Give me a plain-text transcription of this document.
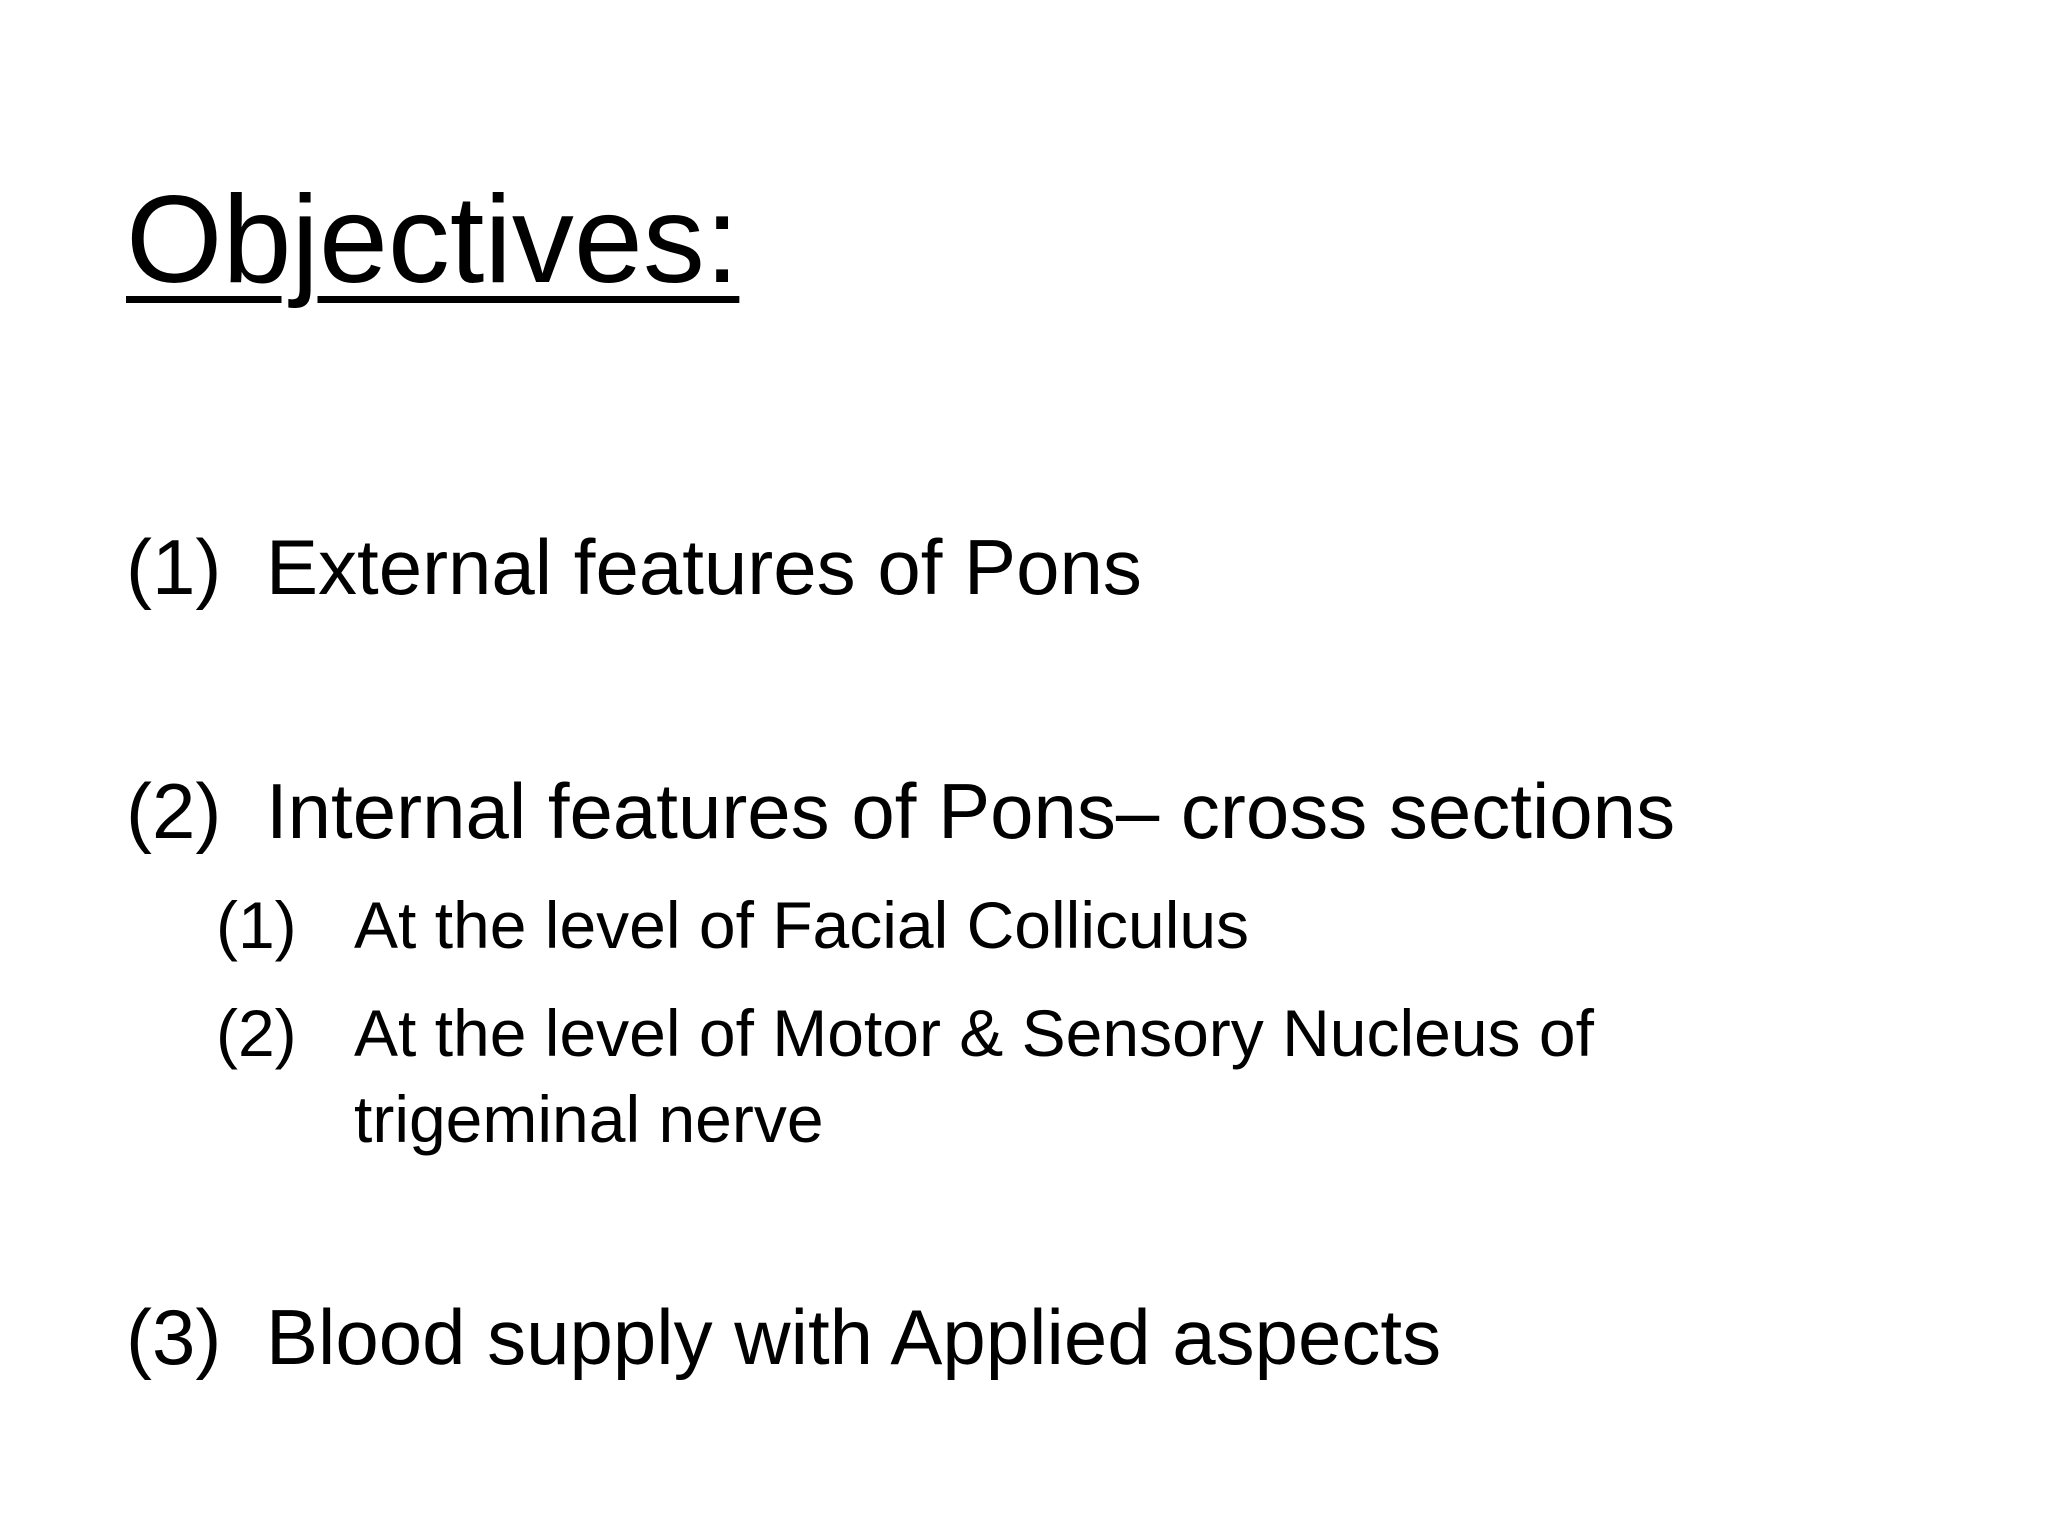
Objectives:
(1) External features of Pons
(2) Internal features of Pons– cross sections
(1) At the level of Facial Colliculus
(2) At the level of Motor & Sensory Nucleus of
trigeminal nerve
(3) Blood supply with Applied aspects
